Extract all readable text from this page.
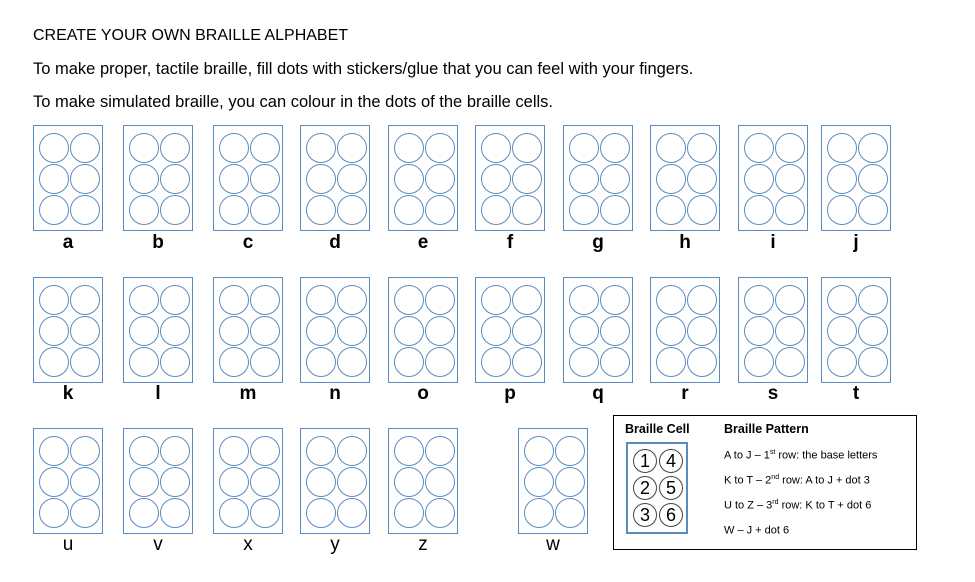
CREATE YOUR OWN BRAILLE ALPHABET

To make proper, tactile braille, fill dots with stickers/glue that you can feel with your fingers.

To make simulated braille, you can colour in the dots of the braille cells.

a	b	c	d	e	f	g	h	i	j
k	l	m	n	o	p	q	r	s	t
u	v	x	y	z	w
Braille Cell	Braille Pattern
1 4
2 5
3 6
A to J – 1st row: the base letters
K to T – 2nd row: A to J + dot 3
U to Z – 3rd row: K to T + dot 6
W – J + dot 6
